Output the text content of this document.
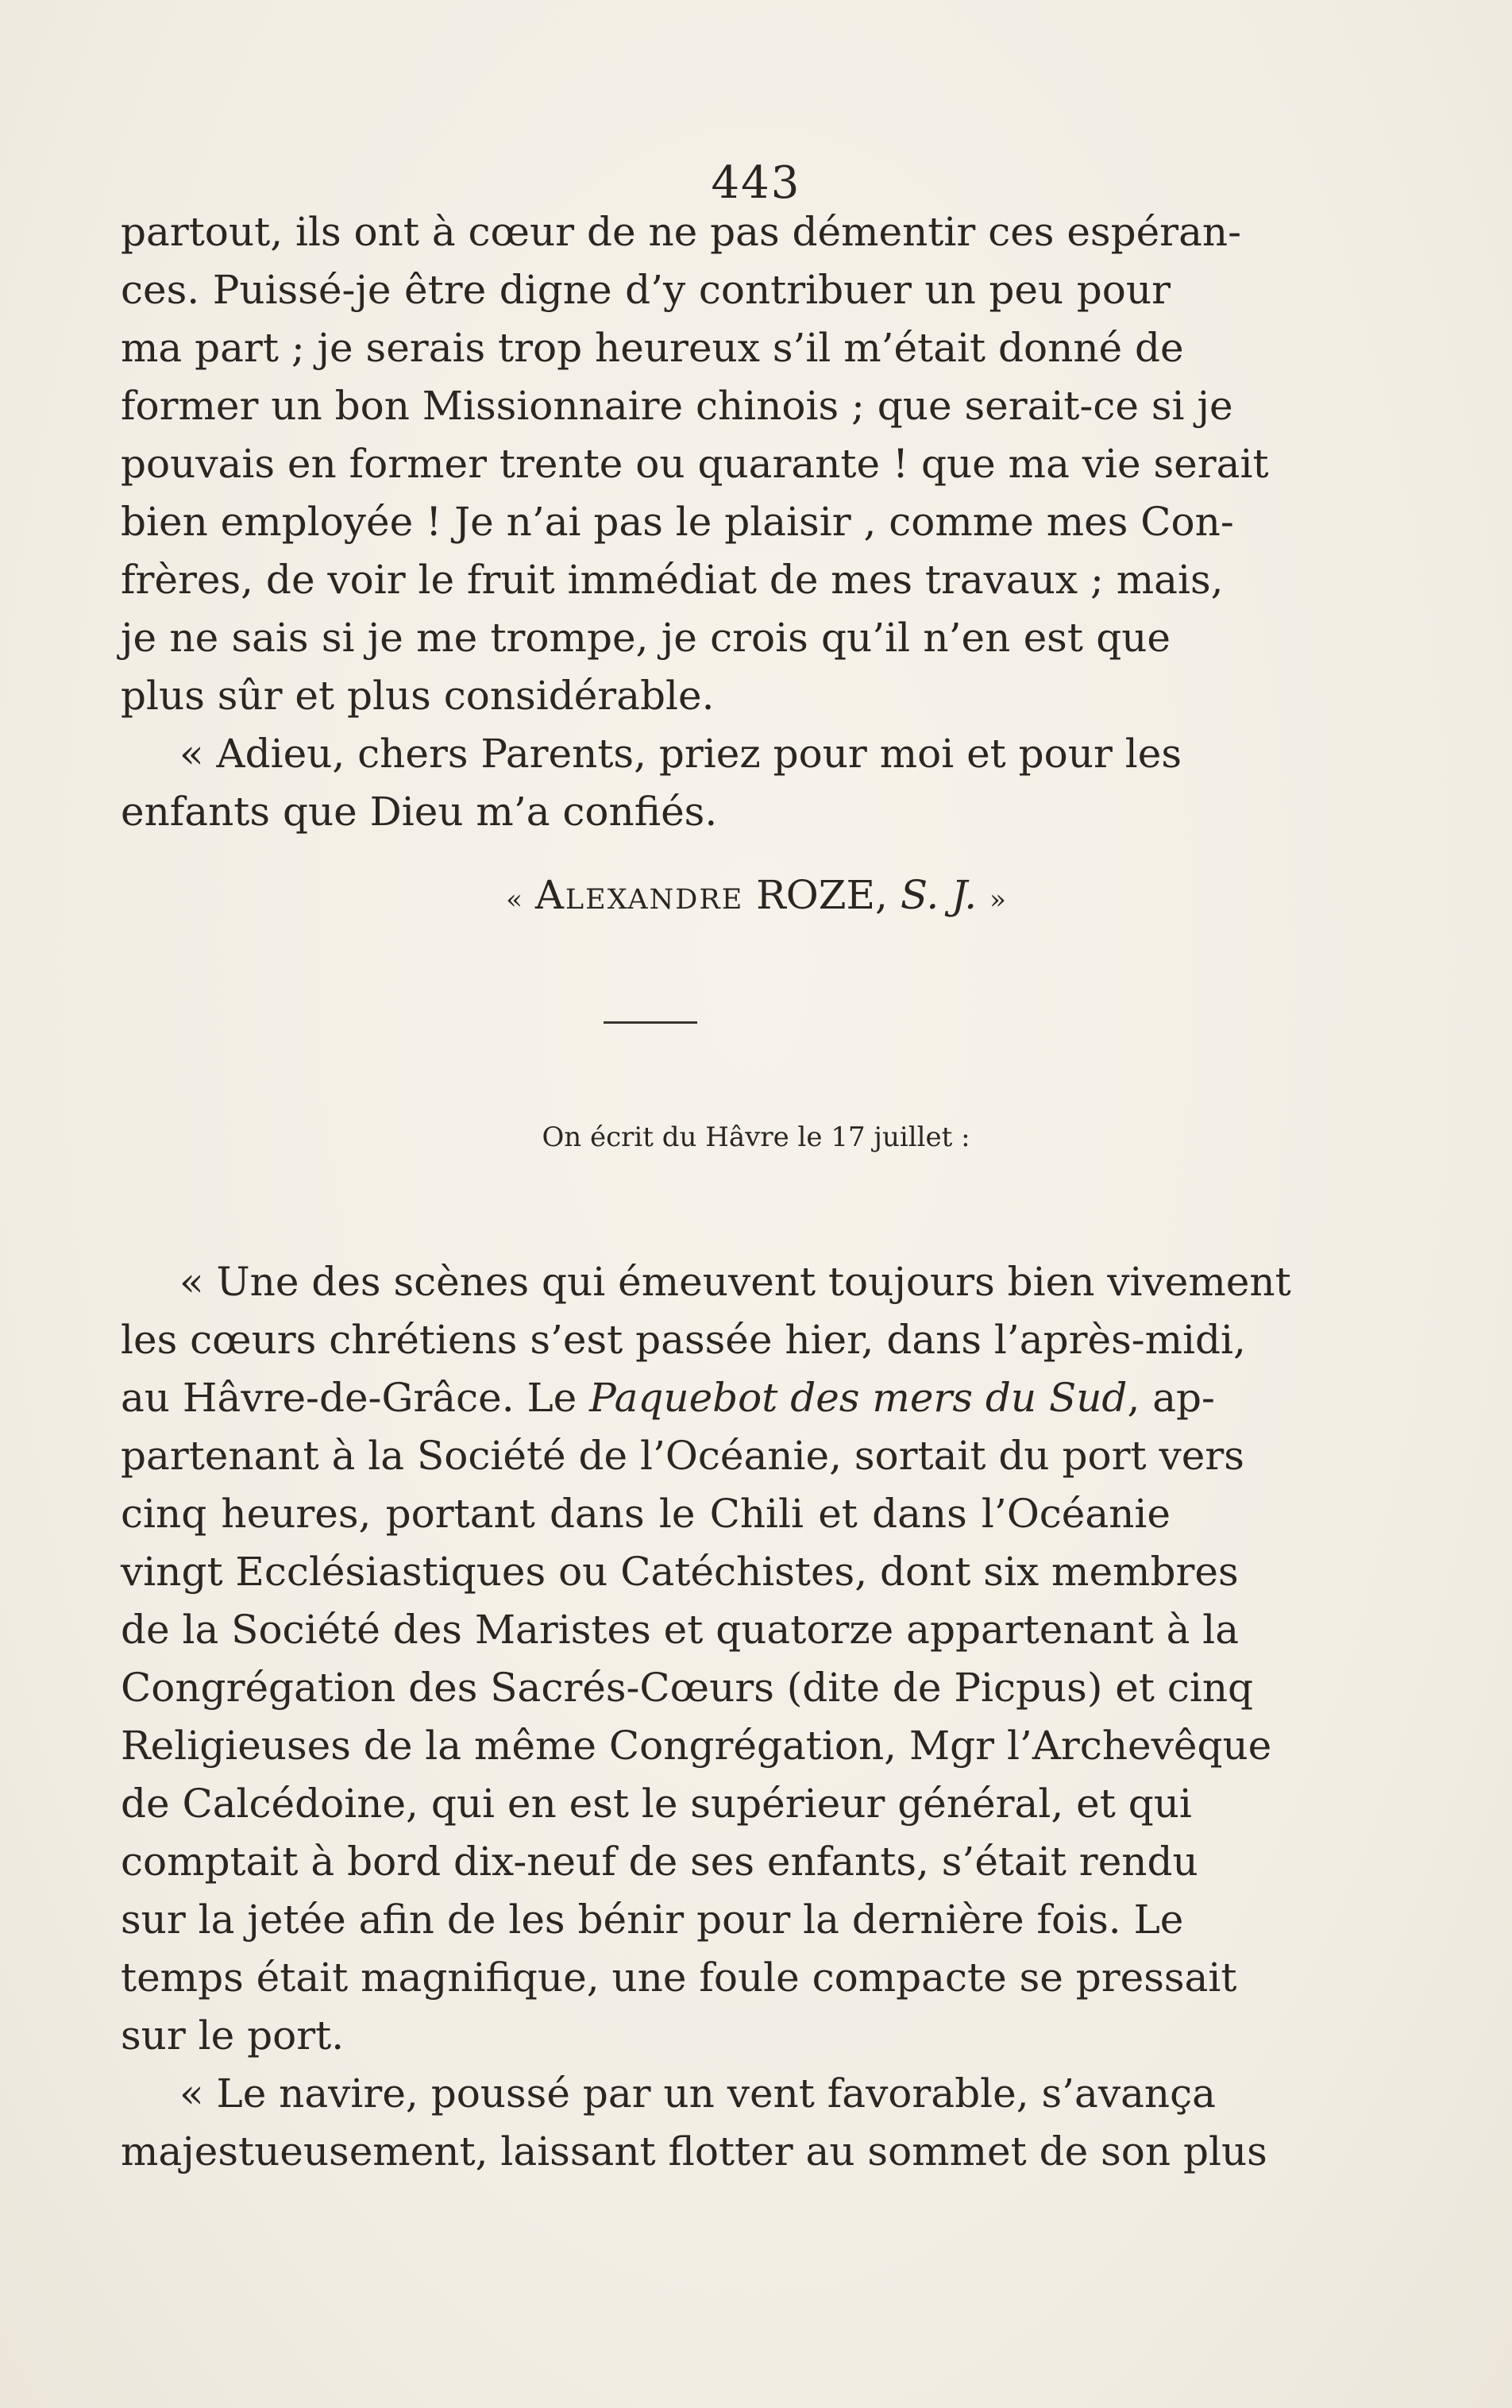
443
partout, ils ont à cœur de ne pas démentir ces espéran-
ces. Puissé-je être digne d’y contribuer un peu pour
ma part ; je serais trop heureux s’il m’était donné de
former un bon Missionnaire chinois ; que serait-ce si je
pouvais en former trente ou quarante ! que ma vie serait
bien employée ! Je n’ai pas le plaisir , comme mes Con-
frères, de voir le fruit immédiat de mes travaux ; mais,
je ne sais si je me trompe, je crois qu’il n’en est que
plus sûr et plus considérable.
« Adieu, chers Parents, priez pour moi et pour les
enfants que Dieu m’a confiés.
« Alexandre ROZE, S. J. »
On écrit du Hâvre le 17 juillet :
« Une des scènes qui émeuvent toujours bien vivement
les cœurs chrétiens s’est passée hier, dans l’après-midi,
au Hâvre-de-Grâce. Le Paquebot des mers du Sud, ap-
partenant à la Société de l’Océanie, sortait du port vers
cinq heures, portant dans le Chili et dans l’Océanie
vingt Ecclésiastiques ou Catéchistes, dont six membres
de la Société des Maristes et quatorze appartenant à la
Congrégation des Sacrés-Cœurs (dite de Picpus) et cinq
Religieuses de la même Congrégation, Mgr l’Archevêque
de Calcédoine, qui en est le supérieur général, et qui
comptait à bord dix-neuf de ses enfants, s’était rendu
sur la jetée afin de les bénir pour la dernière fois. Le
temps était magnifique, une foule compacte se pressait
sur le port.
« Le navire, poussé par un vent favorable, s’avança
majestueusement, laissant flotter au sommet de son plus
